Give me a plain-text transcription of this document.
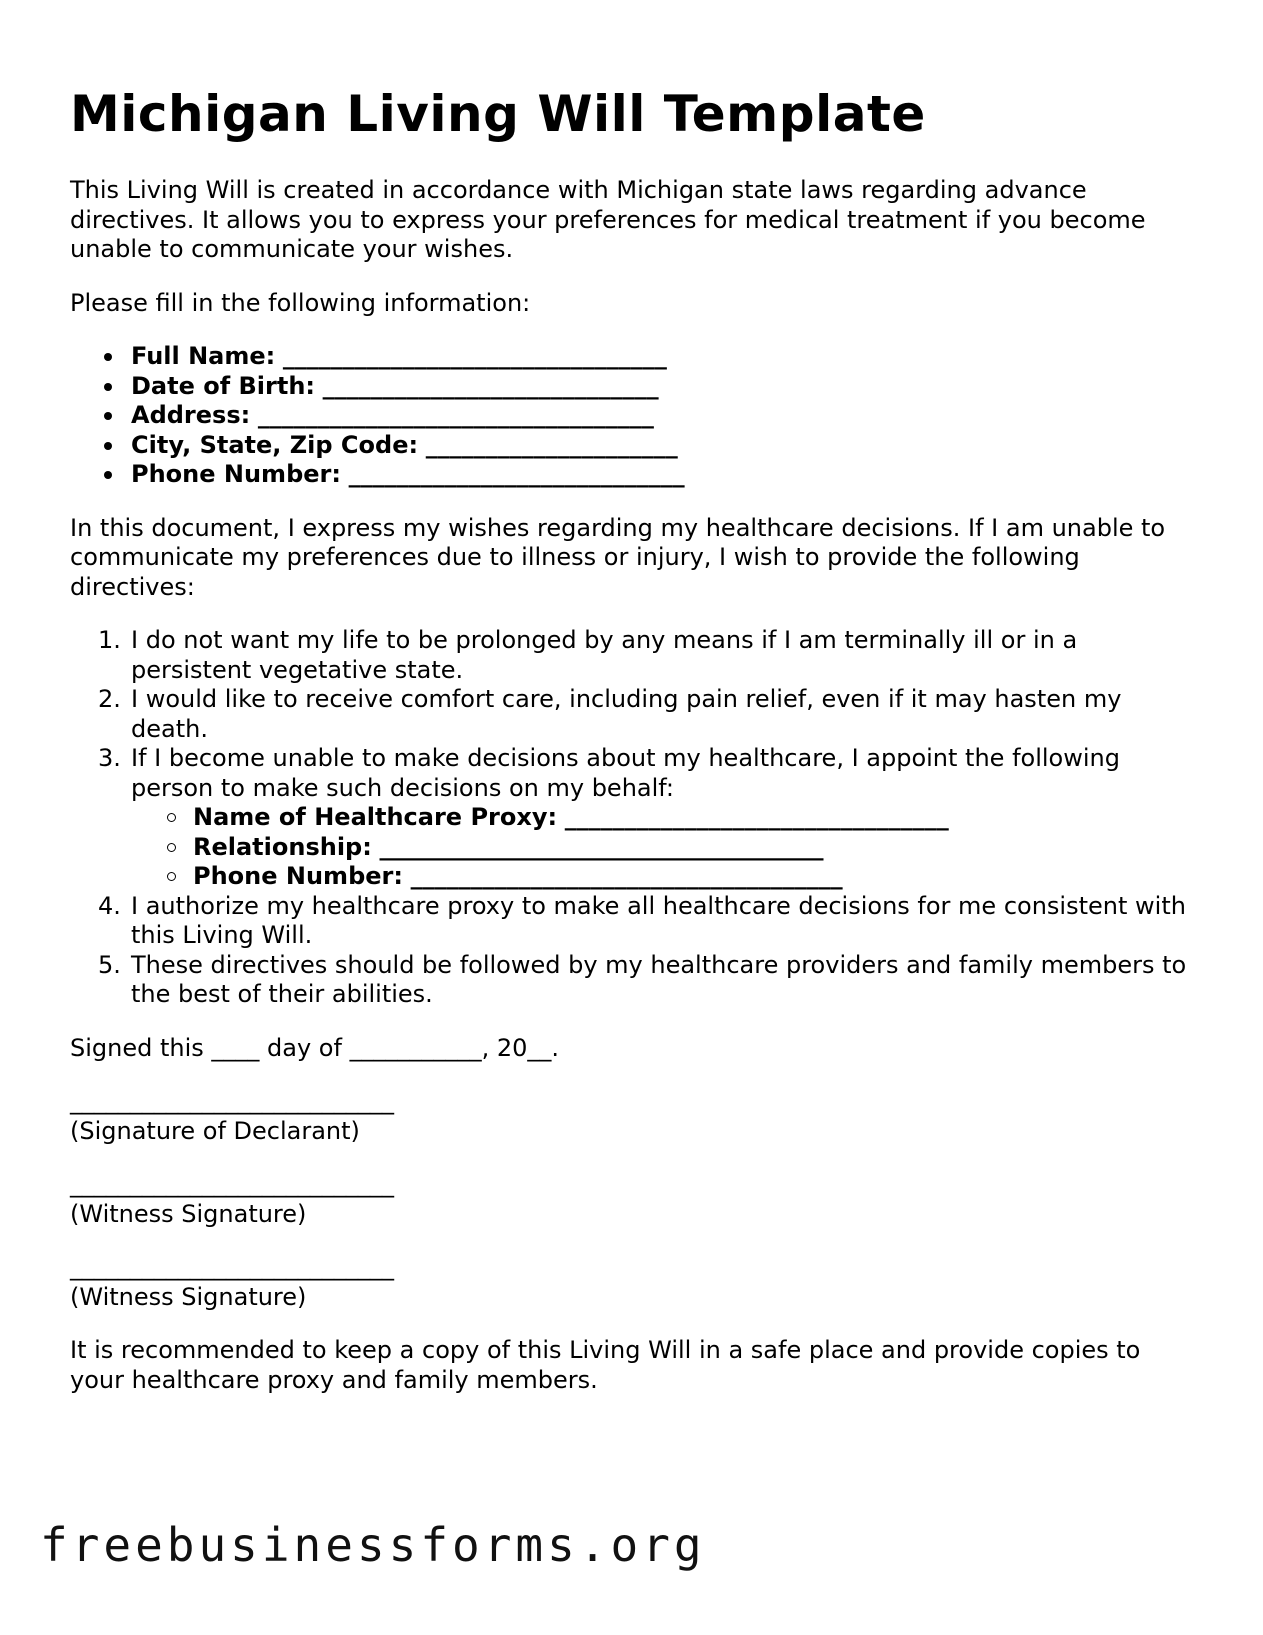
Michigan Living Will Template

This Living Will is created in accordance with Michigan state laws regarding advance directives. It allows you to express your preferences for medical treatment if you become unable to communicate your wishes.

Please fill in the following information:

Full Name: ________________________________
Date of Birth: ____________________________
Address: _________________________________
City, State, Zip Code: _____________________
Phone Number: ____________________________

In this document, I express my wishes regarding my healthcare decisions. If I am unable to communicate my preferences due to illness or injury, I wish to provide the following directives:

1. I do not want my life to be prolonged by any means if I am terminally ill or in a persistent vegetative state.
2. I would like to receive comfort care, including pain relief, even if it may hasten my death.
3. If I become unable to make decisions about my healthcare, I appoint the following person to make such decisions on my behalf:
Name of Healthcare Proxy: ________________________________
Relationship: _____________________________________
Phone Number: ____________________________________
4. I authorize my healthcare proxy to make all healthcare decisions for me consistent with this Living Will.
5. These directives should be followed by my healthcare providers and family members to the best of their abilities.

Signed this ____ day of ___________, 20__.

___________________________
(Signature of Declarant)
___________________________
(Witness Signature)
___________________________
(Witness Signature)

It is recommended to keep a copy of this Living Will in a safe place and provide copies to your healthcare proxy and family members.

freebusinessforms.org
